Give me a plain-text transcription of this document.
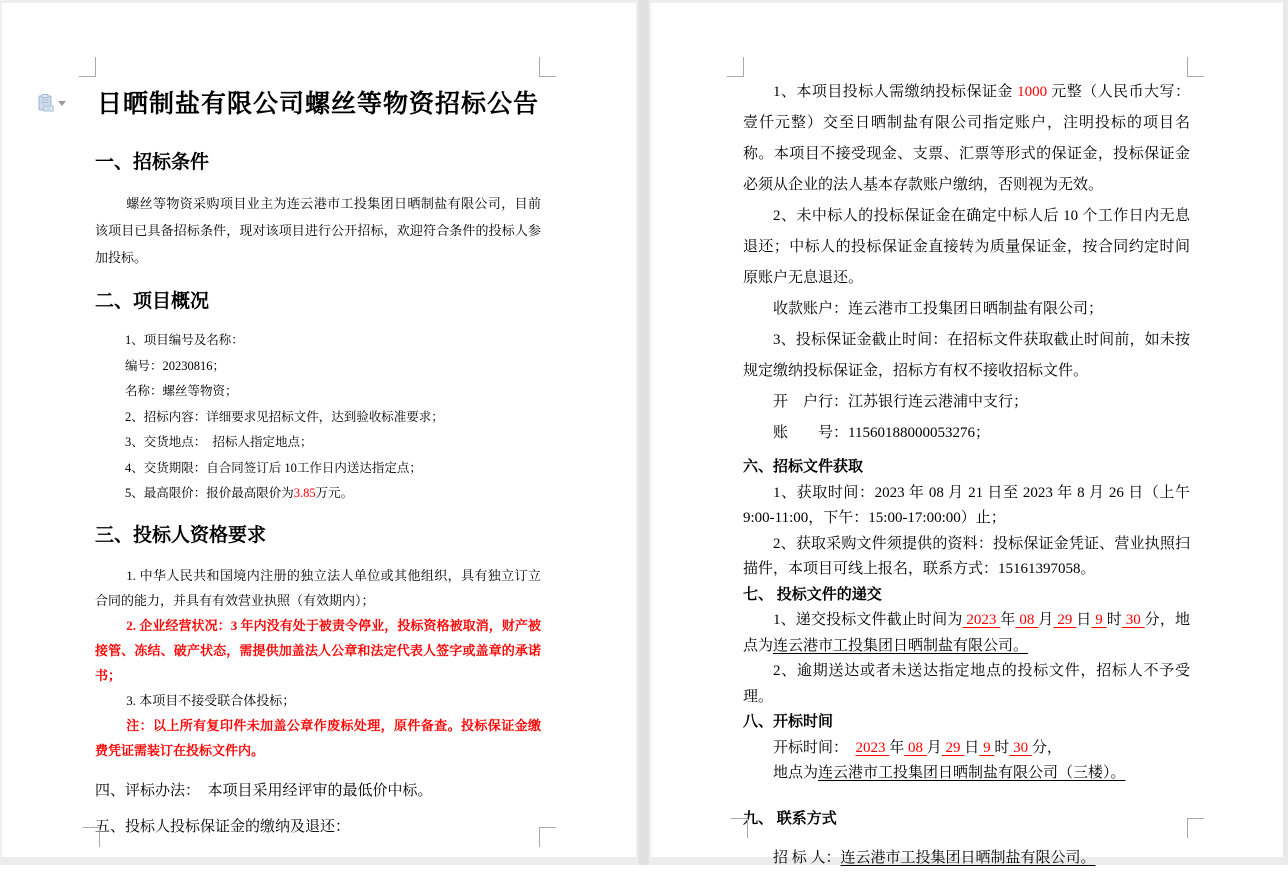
日晒制盐有限公司螺丝等物资招标公告

一、招标条件

螺丝等物资采购项目业主为连云港市工投集团日晒制盐有限公司，目前该项目已具备招标条件，现对该项目进行公开招标，欢迎符合条件的投标人参加投标。

二、项目概况

1、项目编号及名称：

编号：20230816；

名称：螺丝等物资；

2、招标内容：详细要求见招标文件，达到验收标准要求；

3、交货地点：　招标人指定地点；

4、交货期限：自合同签订后 10工作日内送达指定点；

5、最高限价：报价最高限价为3.85万元。

三、投标人资格要求

1. 中华人民共和国境内注册的独立法人单位或其他组织，具有独立订立合同的能力，并具有有效营业执照（有效期内）；

2. 企业经营状况：3 年内没有处于被责令停业，投标资格被取消，财产被接管、冻结、破产状态，需提供加盖法人公章和法定代表人签字或盖章的承诺书；

3. 本项目不接受联合体投标；

注：以上所有复印件未加盖公章作废标处理，原件备查。投标保证金缴费凭证需装订在投标文件内。

四、评标办法：　本项目采用经评审的最低价中标。

五、投标人投标保证金的缴纳及退还：

1、本项目投标人需缴纳投标保证金 1000 元整（人民币大写：壹仟元整）交至日晒制盐有限公司指定账户，注明投标的项目名称。本项目不接受现金、支票、汇票等形式的保证金，投标保证金必须从企业的法人基本存款账户缴纳，否则视为无效。

2、未中标人的投标保证金在确定中标人后 10 个工作日内无息退还；中标人的投标保证金直接转为质量保证金，按合同约定时间原账户无息退还。

收款账户：连云港市工投集团日晒制盐有限公司；

3、投标保证金截止时间：在招标文件获取截止时间前，如未按规定缴纳投标保证金，招标方有权不接收招标文件。

开　户行：江苏银行连云港浦中支行；

账　　号：11560188000053276；

六、招标文件获取

1、获取时间：2023 年 08 月 21 日至 2023 年 8 月 26 日（上午 9:00-11:00，下午：15:00-17:00:00）止；

2、获取采购文件须提供的资料：投标保证金凭证、营业执照扫描件，本项目可线上报名，联系方式：15161397058。

七、 投标文件的递交

1、递交投标文件截止时间为 2023 年 08 月 29 日 9 时 30 分，地点为连云港市工投集团日晒制盐有限公司。

2、逾期送达或者未送达指定地点的投标文件，招标人不予受理。

八、开标时间

开标时间：　2023 年 08 月 29 日 9 时 30 分，

地点为连云港市工投集团日晒制盐有限公司（三楼）。

九、 联系方式

招 标 人：连云港市工投集团日晒制盐有限公司。
